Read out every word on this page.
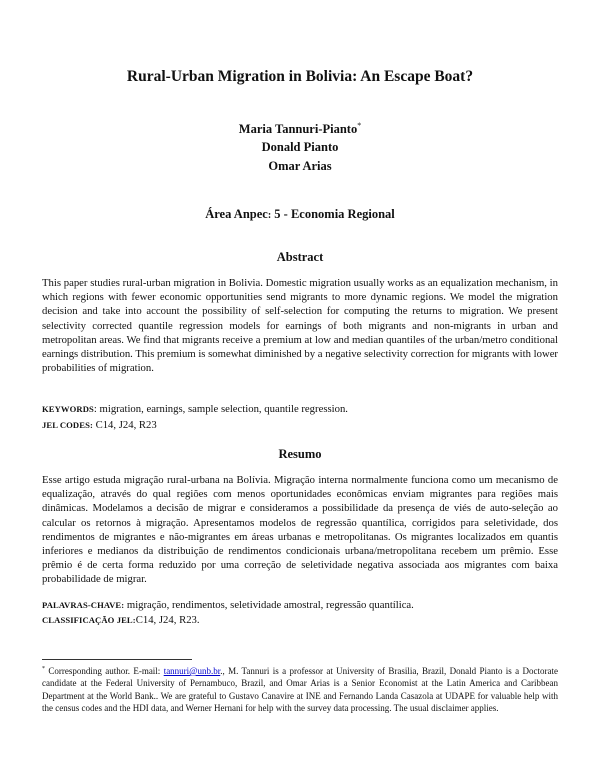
Rural-Urban Migration in Bolivia: An Escape Boat?
Maria Tannuri-Pianto*
Donald Pianto
Omar Arias
Área Anpec: 5 - Economia Regional
Abstract
This paper studies rural-urban migration in Bolivia. Domestic migration usually works as an equalization mechanism, in which regions with fewer economic opportunities send migrants to more dynamic regions. We model the migration decision and take into account the possibility of self-selection for computing the returns to migration. We present selectivity corrected quantile regression models for earnings of both migrants and non-migrants in urban and metropolitan areas. We find that migrants receive a premium at low and median quantiles of the urban/metro conditional earnings distribution. This premium is somewhat diminished by a negative selectivity correction for migrants with lower probabilities of migration.
KEYWORDS: migration, earnings, sample selection, quantile regression.
JEL CODES: C14, J24, R23
Resumo
Esse artigo estuda migração rural-urbana na Bolívia. Migração interna normalmente funciona como um mecanismo de equalização, através do qual regiões com menos oportunidades econômicas enviam migrantes para regiões mais dinâmicas. Modelamos a decisão de migrar e consideramos a possibilidade da presença de viés de auto-seleção ao calcular os retornos à migração. Apresentamos modelos de regressão quantílica, corrigidos para seletividade, dos rendimentos de migrantes e não-migrantes em áreas urbanas e metropolitanas. Os migrantes localizados em quantis inferiores e medianos da distribuição de rendimentos condicionais urbana/metropolitana recebem um prêmio. Esse prêmio é de certa forma reduzido por uma correção de seletividade negativa associada aos migrantes com baixa probabilidade de migrar.
PALAVRAS-CHAVE: migração, rendimentos, seletividade amostral, regressão quantílica.
CLASSIFICAÇÃO JEL:C14, J24, R23.
* Corresponding author. E-mail: tannuri@unb.br., M. Tannuri is a professor at University of Brasilia, Brazil, Donald Pianto is a Doctorate candidate at the Federal University of Pernambuco, Brazil, and Omar Arias is a Senior Economist at the Latin America and Caribbean Department at the World Bank.. We are grateful to Gustavo Canavire at INE and Fernando Landa Casazola at UDAPE for valuable help with the census codes and the HDI data, and Werner Hernani for help with the survey data processing. The usual disclaimer applies.
